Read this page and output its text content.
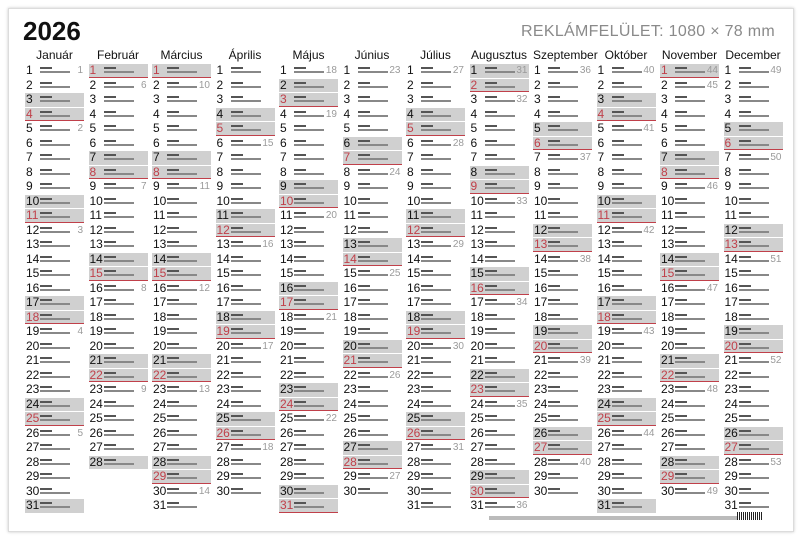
2026	REKLÁMFELÜLET: 1080 × 78 mm
Január
1	1
2
3
4
5	2
6
7
8
9
10
11
12	3
13
14
15
16
17
18
19	4
20
21
22
23
24
25
26	5
27
28
29
30
31
Február
1
2	6
3
4
5
6
7
8
9	7
10
11
12
13
14
15
16	8
17
18
19
20
21
22
23	9
24
25
26
27
28
Március
1
2	10
3
4
5
6
7
8
9	11
10
11
12
13
14
15
16	12
17
18
19
20
21
22
23	13
24
25
26
27
28
29
30	14
31
Április
1
2
3
4
5
6	15
7
8
9
10
11
12
13	16
14
15
16
17
18
19
20	17
21
22
23
24
25
26
27	18
28
29
30
Május
1	18
2
3
4	19
5
6
7
8
9
10
11	20
12
13
14
15
16
17
18	21
19
20
21
22
23
24
25	22
26
27
28
29
30
31
Június
1	23
2
3
4
5
6
7
8	24
9
10
11
12
13
14
15	25
16
17
18
19
20
21
22	26
23
24
25
26
27
28
29	27
30
Július
1	27
2
3
4
5
6	28
7
8
9
10
11
12
13	29
14
15
16
17
18
19
20	30
21
22
23
24
25
26
27	31
28
29
30
31
Augusztus
1	31
2
3	32
4
5
6
7
8
9
10	33
11
12
13
14
15
16
17	34
18
19
20
21
22
23
24	35
25
26
27
28
29
30
31	36
Szeptember
1	36
2
3
4
5
6
7	37
8
9
10
11
12
13
14	38
15
16
17
18
19
20
21	39
22
23
24
25
26
27
28	40
29
30
Október
1	40
2
3
4
5	41
6
7
8
9
10
11
12	42
13
14
15
16
17
18
19	43
20
21
22
23
24
25
26	44
27
28
29
30
31
November
1	44
2	45
3
4
5
6
7
8
9	46
10
11
12
13
14
15
16	47
17
18
19
20
21
22
23	48
24
25
26
27
28
29
30	49
December
1	49
2
3
4
5
6
7	50
8
9
10
11
12
13
14	51
15
16
17
18
19
20
21	52
22
23
24
25
26
27
28	53
29
30
31
